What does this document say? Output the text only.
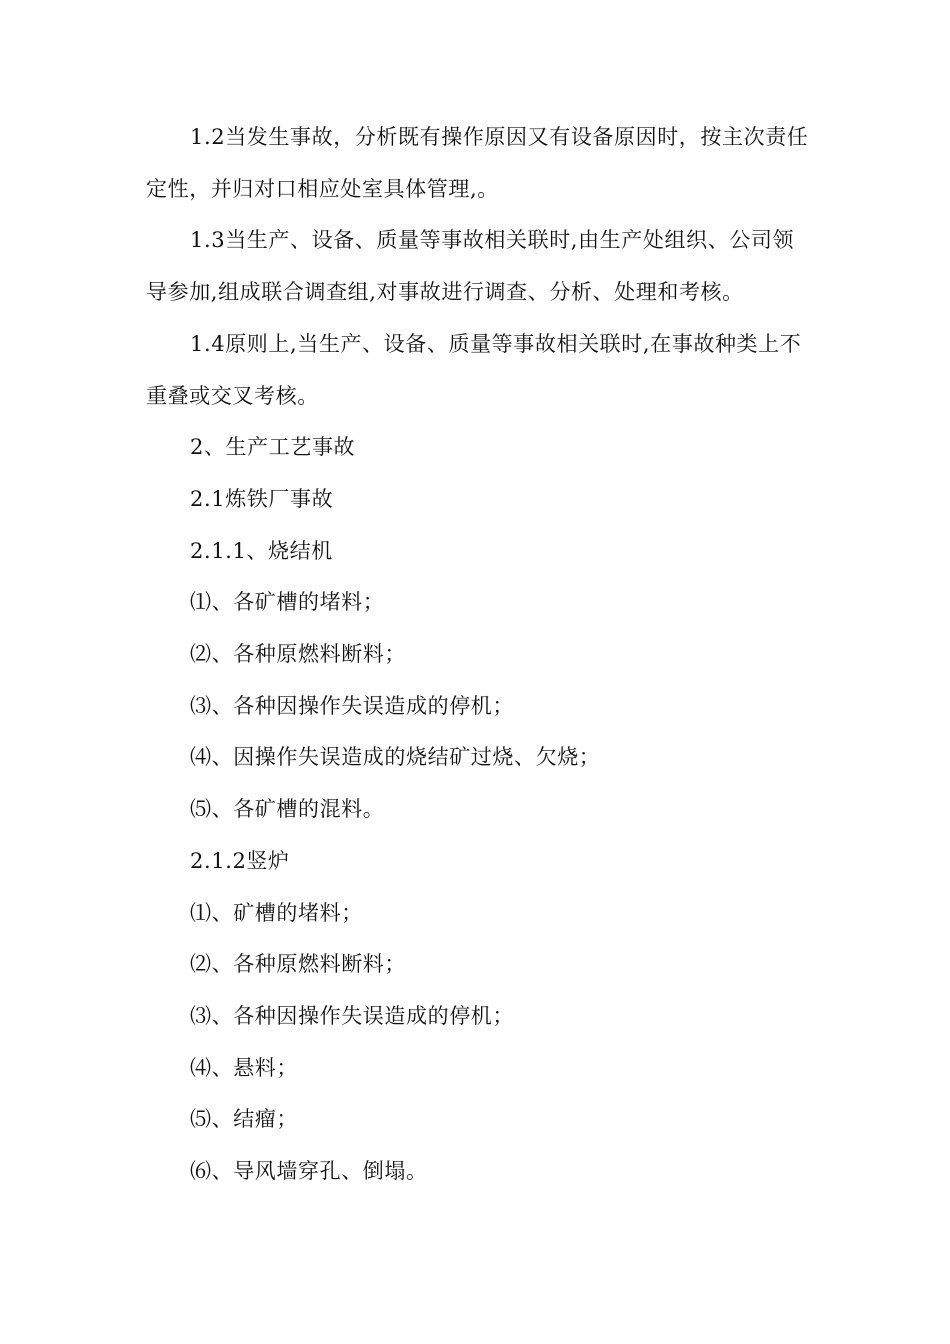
1.2当发生事故，分析既有操作原因又有设备原因时，按主次责任定性，并归对口相应处室具体管理,。

1.3当生产、设备、质量等事故相关联时,由生产处组织、公司领导参加,组成联合调查组,对事故进行调查、分析、处理和考核。

1.4原则上,当生产、设备、质量等事故相关联时,在事故种类上不重叠或交叉考核。

2、生产工艺事故

2.1炼铁厂事故

2.1.1、烧结机

⑴、各矿槽的堵料；

⑵、各种原燃料断料；

⑶、各种因操作失误造成的停机；

⑷、因操作失误造成的烧结矿过烧、欠烧；

⑸、各矿槽的混料。

2.1.2竖炉

⑴、矿槽的堵料；

⑵、各种原燃料断料；

⑶、各种因操作失误造成的停机；

⑷、悬料；

⑸、结瘤；

⑹、导风墙穿孔、倒塌。
